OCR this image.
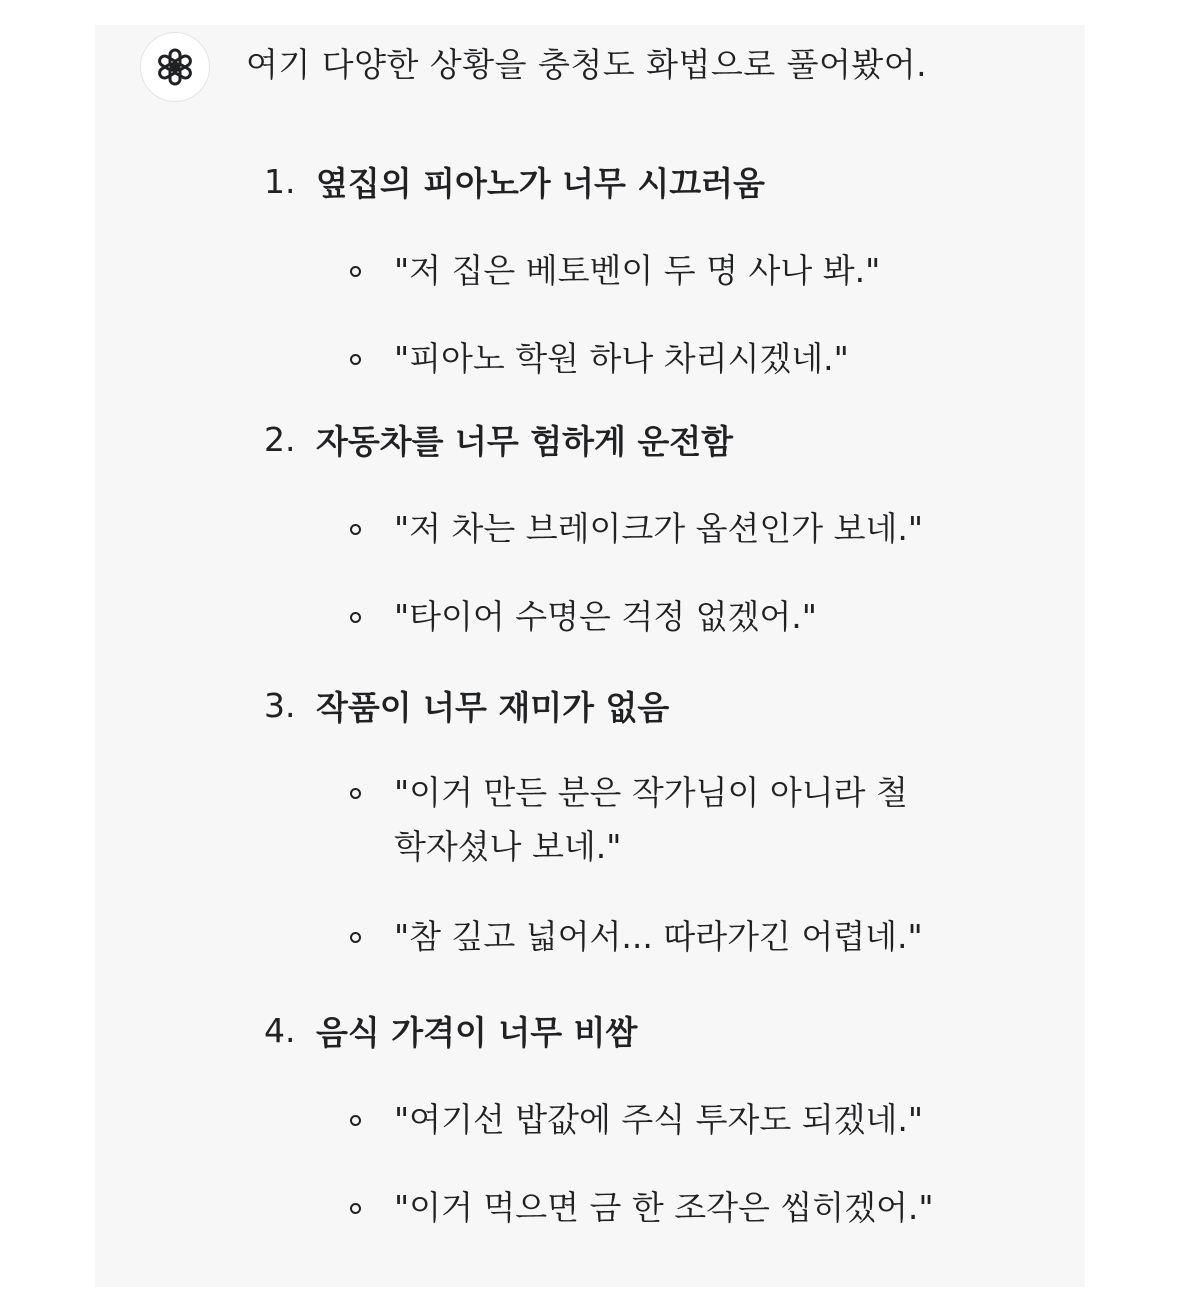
여기 다양한 상황을 충청도 화법으로 풀어봤어.
1. 옆집의 피아노가 너무 시끄러움
"저 집은 베토벤이 두 명 사나 봐."
"피아노 학원 하나 차리시겠네."
2. 자동차를 너무 험하게 운전함
"저 차는 브레이크가 옵션인가 보네."
"타이어 수명은 걱정 없겠어."
3. 작품이 너무 재미가 없음
"이거 만든 분은 작가님이 아니라 철학자셨나 보네."
"참 깊고 넓어서... 따라가긴 어렵네."
4. 음식 가격이 너무 비쌈
"여기선 밥값에 주식 투자도 되겠네."
"이거 먹으면 금 한 조각은 씹히겠어."
